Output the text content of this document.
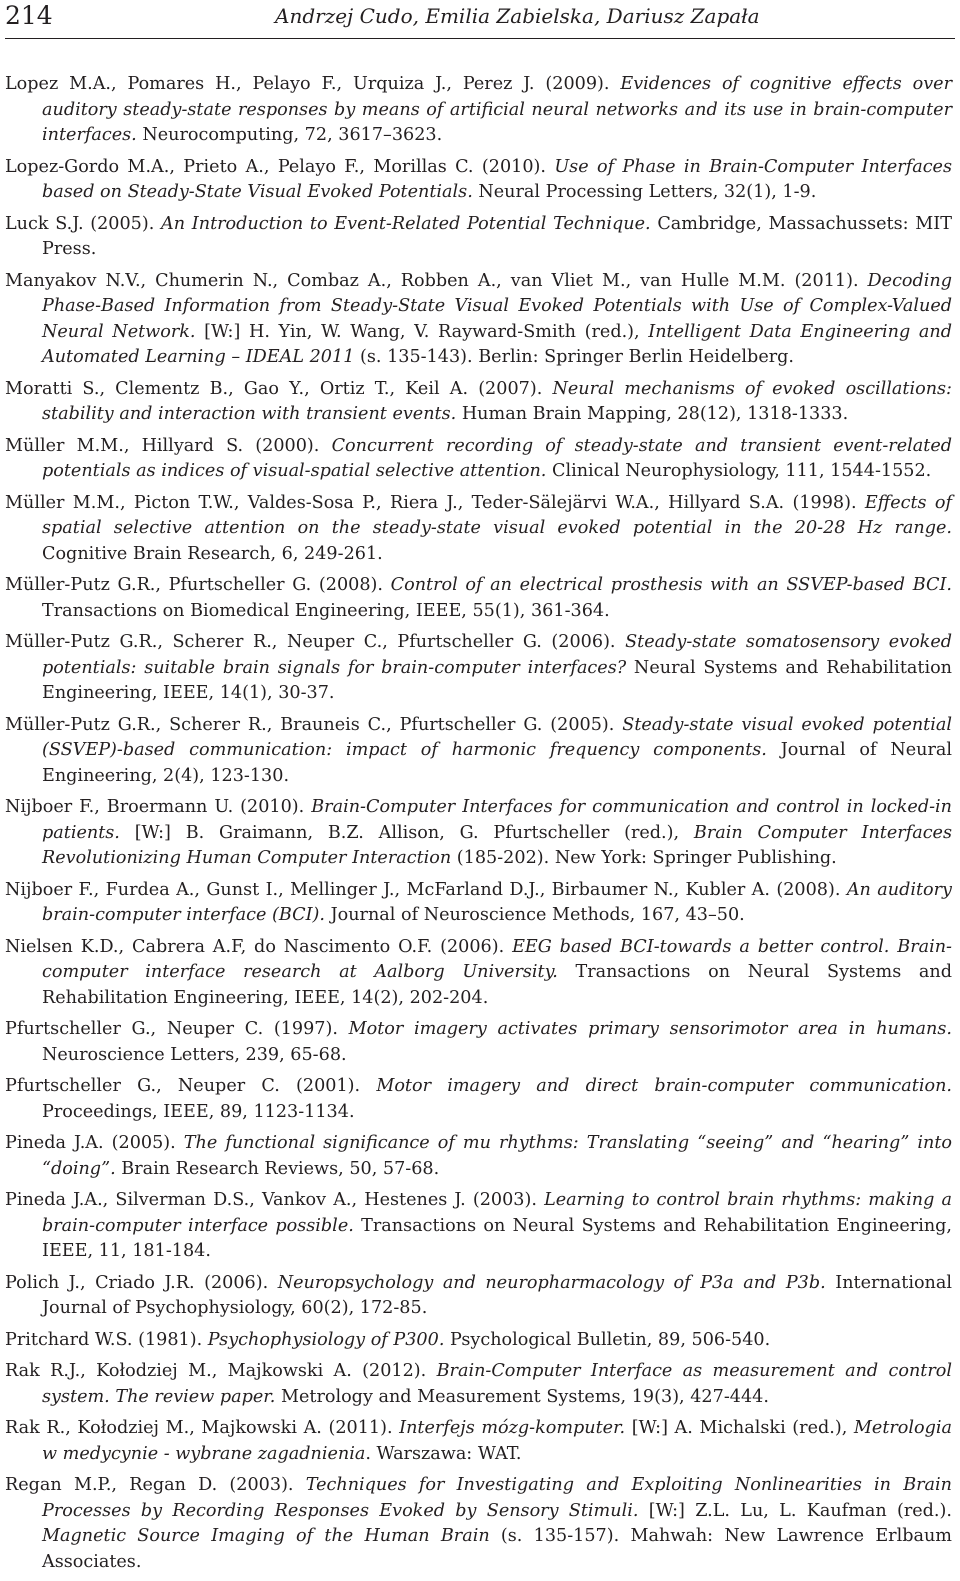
214	Andrzej Cudo, Emilia Zabielska, Dariusz Zapała

Lopez M.A., Pomares H., Pelayo F., Urquiza J., Perez J. (2009). Evidences of cognitive effects over auditory steady-state responses by means of artificial neural networks and its use in brain-computer interfaces. Neurocomputing, 72, 3617–3623.

Lopez-Gordo M.A., Prieto A., Pelayo F., Morillas C. (2010). Use of Phase in Brain-Computer Interfaces based on Steady-State Visual Evoked Potentials. Neural Processing Letters, 32(1), 1-9.

Luck S.J. (2005). An Introduction to Event-Related Potential Technique. Cambridge, Massachussets: MIT Press.

Manyakov N.V., Chumerin N., Combaz A., Robben A., van Vliet M., van Hulle M.M. (2011). Decoding Phase-Based Information from Steady-State Visual Evoked Potentials with Use of Complex-Valued Neural Network. [W:] H. Yin, W. Wang, V. Rayward-Smith (red.), Intelligent Data Engineering and Automated Learning – IDEAL 2011 (s. 135-143). Berlin: Springer Berlin Heidelberg.

Moratti S., Clementz B., Gao Y., Ortiz T., Keil A. (2007). Neural mechanisms of evoked oscillations: stability and interaction with transient events. Human Brain Mapping, 28(12), 1318-1333.

Müller M.M., Hillyard S. (2000). Concurrent recording of steady-state and transient event-related potentials as indices of visual-spatial selective attention. Clinical Neurophysiology, 111, 1544-1552.

Müller M.M., Picton T.W., Valdes-Sosa P., Riera J., Teder-Sälejärvi W.A., Hillyard S.A. (1998). Effects of spatial selective attention on the steady-state visual evoked potential in the 20-28 Hz range. Cognitive Brain Research, 6, 249-261.

Müller-Putz G.R., Pfurtscheller G. (2008). Control of an electrical prosthesis with an SSVEP-based BCI. Transactions on Biomedical Engineering, IEEE, 55(1), 361-364.

Müller-Putz G.R., Scherer R., Neuper C., Pfurtscheller G. (2006). Steady-state somatosensory evoked potentials: suitable brain signals for brain-computer interfaces? Neural Systems and Rehabilitation Engineering, IEEE, 14(1), 30-37.

Müller-Putz G.R., Scherer R., Brauneis C., Pfurtscheller G. (2005). Steady-state visual evoked potential (SSVEP)-based communication: impact of harmonic frequency components. Journal of Neural Engineering, 2(4), 123-130.

Nijboer F., Broermann U. (2010). Brain-Computer Interfaces for communication and control in locked-in patients. [W:] B. Graimann, B.Z. Allison, G. Pfurtscheller (red.), Brain Computer Interfaces Revolutionizing Human Computer Interaction (185-202). New York: Springer Publishing.

Nijboer F., Furdea A., Gunst I., Mellinger J., McFarland D.J., Birbaumer N., Kubler A. (2008). An auditory brain-computer interface (BCI). Journal of Neuroscience Methods, 167, 43–50.

Nielsen K.D., Cabrera A.F, do Nascimento O.F. (2006). EEG based BCI-towards a better control. Brain-computer interface research at Aalborg University. Transactions on Neural Systems and Rehabilitation Engineering, IEEE, 14(2), 202-204.

Pfurtscheller G., Neuper C. (1997). Motor imagery activates primary sensorimotor area in humans. Neuroscience Letters, 239, 65-68.

Pfurtscheller G., Neuper C. (2001). Motor imagery and direct brain-computer communication. Proceedings, IEEE, 89, 1123-1134.

Pineda J.A. (2005). The functional significance of mu rhythms: Translating “seeing” and “hearing” into “doing”. Brain Research Reviews, 50, 57-68.

Pineda J.A., Silverman D.S., Vankov A., Hestenes J. (2003). Learning to control brain rhythms: making a brain-computer interface possible. Transactions on Neural Systems and Rehabilitation Engineering, IEEE, 11, 181-184.

Polich J., Criado J.R. (2006). Neuropsychology and neuropharmacology of P3a and P3b. International Journal of Psychophysiology, 60(2), 172-85.

Pritchard W.S. (1981). Psychophysiology of P300. Psychological Bulletin, 89, 506-540.

Rak R.J., Kołodziej M., Majkowski A. (2012). Brain-Computer Interface as measurement and control system. The review paper. Metrology and Measurement Systems, 19(3), 427-444.

Rak R., Kołodziej M., Majkowski A. (2011). Interfejs mózg-komputer. [W:] A. Michalski (red.), Metrologia w medycynie - wybrane zagadnienia. Warszawa: WAT.

Regan M.P., Regan D. (2003). Techniques for Investigating and Exploiting Nonlinearities in Brain Processes by Recording Responses Evoked by Sensory Stimuli. [W:] Z.L. Lu, L. Kaufman (red.). Magnetic Source Imaging of the Human Brain (s. 135-157). Mahwah: New Lawrence Erlbaum Associates.
